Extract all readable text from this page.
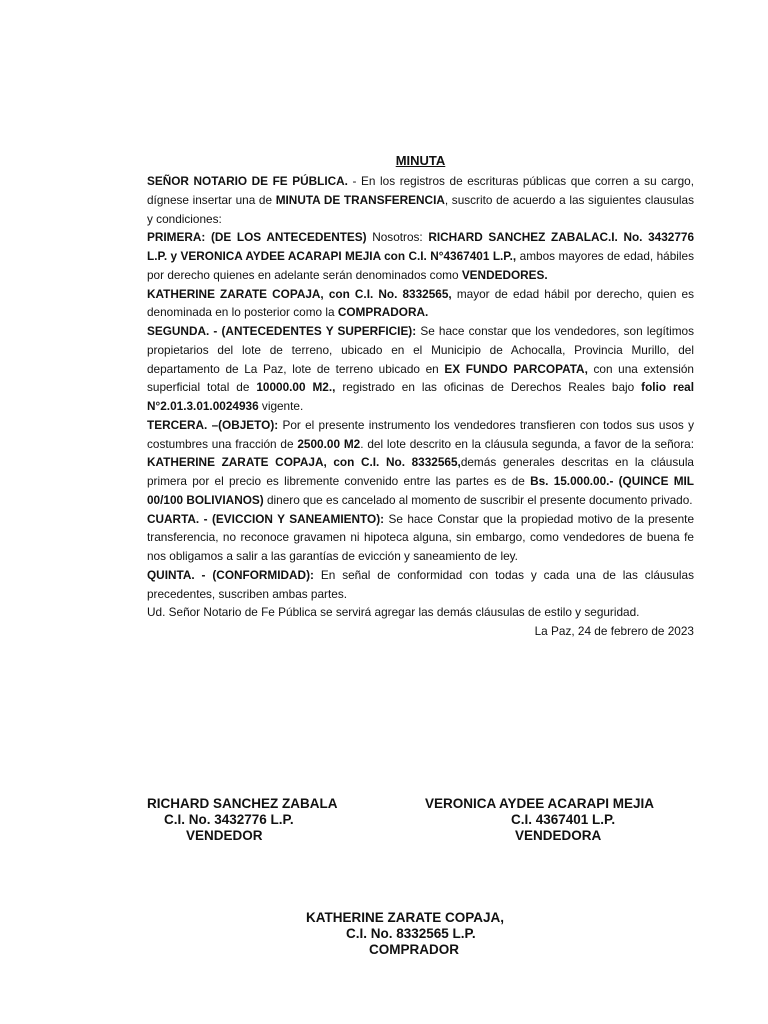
MINUTA

SEÑOR NOTARIO DE FE PÚBLICA. - En los registros de escrituras públicas que corren a su cargo, dígnese insertar una de MINUTA DE TRANSFERENCIA, suscrito de acuerdo a las siguientes clausulas y condiciones:

PRIMERA: (DE LOS ANTECEDENTES) Nosotros: RICHARD SANCHEZ ZABALAC.I. No. 3432776 L.P. y VERONICA AYDEE ACARAPI MEJIA con C.I. N°4367401 L.P., ambos mayores de edad, hábiles por derecho quienes en adelante serán denominados como VENDEDORES.

KATHERINE ZARATE COPAJA, con C.I. No. 8332565, mayor de edad hábil por derecho, quien es denominada en lo posterior como la COMPRADORA.

SEGUNDA. - (ANTECEDENTES Y SUPERFICIE): Se hace constar que los vendedores, son legítimos propietarios del lote de terreno, ubicado en el Municipio de Achocalla, Provincia Murillo, del departamento de La Paz, lote de terreno ubicado en EX FUNDO PARCOPATA, con una extensión superficial total de 10000.00 M2., registrado en las oficinas de Derechos Reales bajo folio real N°2.01.3.01.0024936 vigente.

TERCERA. –(OBJETO): Por el presente instrumento los vendedores transfieren con todos sus usos y costumbres una fracción de 2500.00 M2. del lote descrito en la cláusula segunda, a favor de la señora: KATHERINE ZARATE COPAJA, con C.I. No. 8332565,demás generales descritas en la cláusula primera por el precio es libremente convenido entre las partes es de Bs. 15.000.00.- (QUINCE MIL 00/100 BOLIVIANOS) dinero que es cancelado al momento de suscribir el presente documento privado.

CUARTA. - (EVICCION Y SANEAMIENTO): Se hace Constar que la propiedad motivo de la presente transferencia, no reconoce gravamen ni hipoteca alguna, sin embargo, como vendedores de buena fe nos obligamos a salir a las garantías de evicción y saneamiento de ley.

QUINTA. - (CONFORMIDAD): En señal de conformidad con todas y cada una de las cláusulas precedentes, suscriben ambas partes.

Ud. Señor Notario de Fe Pública se servirá agregar las demás cláusulas de estilo y seguridad.

La Paz, 24 de febrero de 2023

RICHARD SANCHEZ ZABALA
C.I. No. 3432776 L.P.
VENDEDOR
VERONICA AYDEE ACARAPI MEJIA
C.I. 4367401 L.P.
VENDEDORA
KATHERINE ZARATE COPAJA,
C.I. No. 8332565 L.P.
COMPRADOR
